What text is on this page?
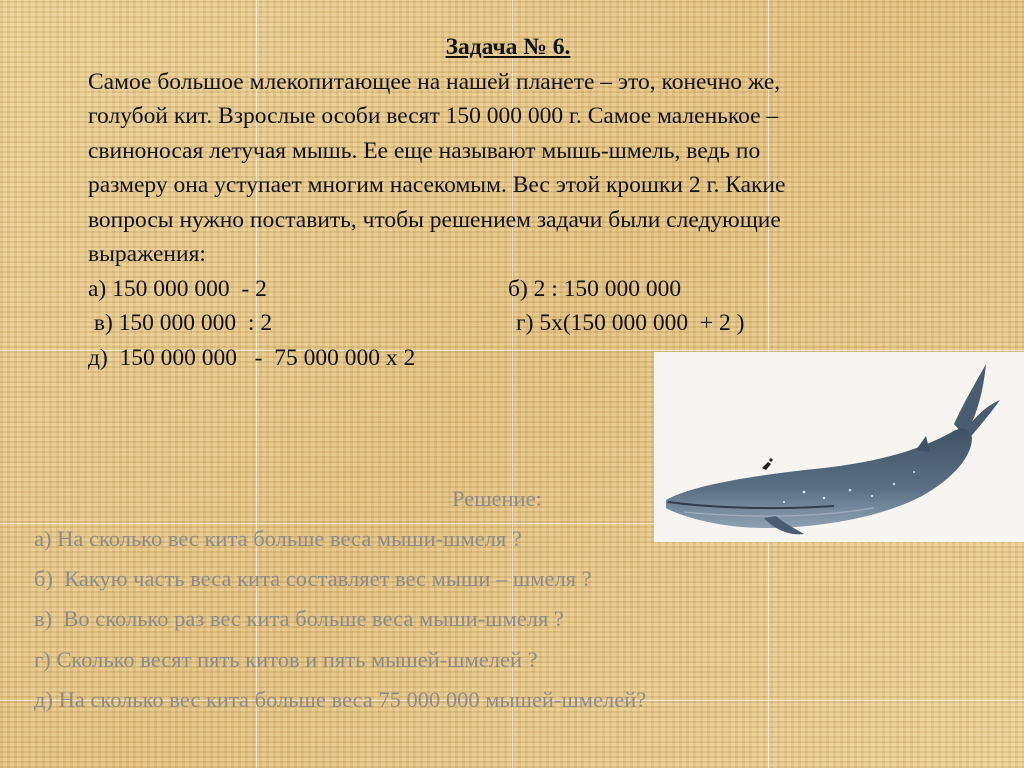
Задача № 6.

Самое большое млекопитающее на нашей планете – это, конечно же,

голубой кит. Взрослые особи весят 150 000 000 г. Самое маленькое –

свиноносая летучая мышь. Ее еще называют мышь-шмель, ведь по

размеру она уступает многим насекомым. Вес этой крошки 2 г. Какие

вопросы нужно поставить, чтобы решением задачи были следующие

выражения:

а) 150 000 000  - 2	б) 2 : 150 000 000
в) 150 000 000  : 2	г) 5х(150 000 000  + 2 )
д)  150 000 000   -  75 000 000 х 2
Решение:
а) На сколько вес кита больше веса мыши-шмеля ?
б)  Какую часть веса кита составляет вес мыши – шмеля ?
в)  Во сколько раз вес кита больше веса мыши-шмеля ?
г) Сколько весят пять китов и пять мышей-шмелей ?
д) На сколько вес кита больше веса 75 000 000 мышей-шмелей?
